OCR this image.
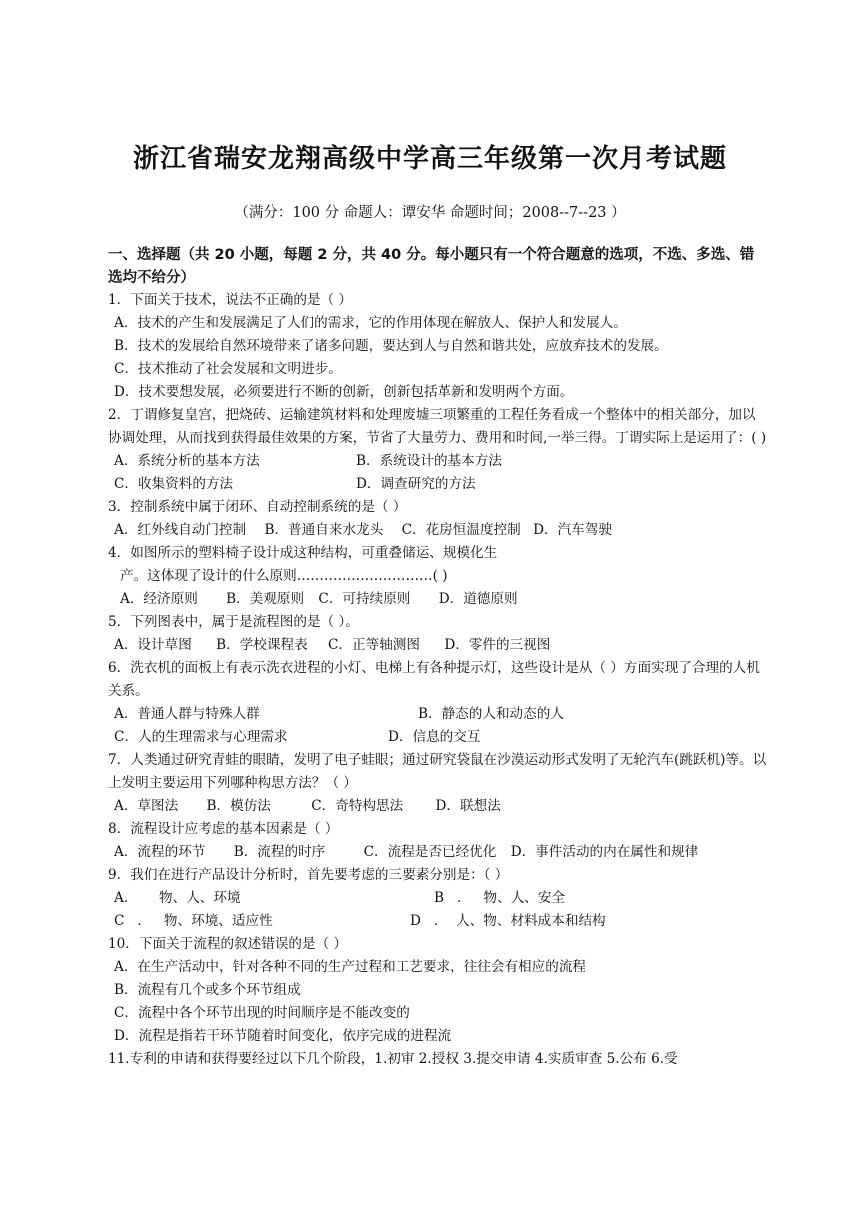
浙江省瑞安龙翔高级中学高三年级第一次月考试题
（满分：100 分 命题人：谭安华 命题时间；2008--7--23 ）
一、选择题（共 20 小题，每题 2 分，共 40 分。每小题只有一个符合题意的选项，不选、多选、错选均不给分）
1．下面关于技术，说法不正确的是（ ）
A．技术的产生和发展满足了人们的需求，它的作用体现在解放人、保护人和发展人。
B．技术的发展给自然环境带来了诸多问题，要达到人与自然和谐共处，应放弃技术的发展。
C．技术推动了社会发展和文明进步。
D．技术要想发展，必须要进行不断的创新，创新包括革新和发明两个方面。
2．丁谓修复皇宫，把烧砖、运输建筑材料和处理废墟三项繁重的工程任务看成一个整体中的相关部分，加以协调处理，从而找到获得最佳效果的方案，节省了大量劳力、费用和时间,一举三得。丁谓实际上是运用了：( )
A．系统分析的基本方法	B．系统设计的基本方法
C．收集资料的方法	D．调查研究的方法
3．控制系统中属于闭环、自动控制系统的是（ ）
A．红外线自动门控制 B．普通自来水龙头 C．花房恒温度控制 D．汽车驾驶
4．如图所示的塑料椅子设计成这种结构，可重叠储运、规模化生
产。这体现了设计的什么原则…………………………( )
A．经济原则 B．美观原则 C．可持续原则 D．道德原则
5．下列图表中，属于是流程图的是（ ）。
A．设计草图 B．学校课程表 C．正等轴测图 D．零件的三视图
6．洗衣机的面板上有表示洗衣进程的小灯、电梯上有各种提示灯，这些设计是从（ ）方面实现了合理的人机关系。
A．普通人群与特殊人群	B．静态的人和动态的人
C．人的生理需求与心理需求	D．信息的交互
7．人类通过研究青蛙的眼睛，发明了电子蛙眼；通过研究袋鼠在沙漠运动形式发明了无轮汽车(跳跃机)等。以上发明主要运用下列哪种构思方法？（ ）
A．草图法 B．模仿法	C．奇特构思法 D．联想法
8．流程设计应考虑的基本因素是（ ）
A．流程的环节 B．流程的时序	C．流程是否已经优化 D．事件活动的内在属性和规律
9．我们在进行产品设计分析时，首先要考虑的三要素分别是：（ ）
A．     物、人、环境	B   ．   物、人、安全
C   ．   物、环境、适应性	D   ．  人、物、材料成本和结构
10．下面关于流程的叙述错误的是（ ）
A．在生产活动中，针对各种不同的生产过程和工艺要求，往往会有相应的流程
B．流程有几个或多个环节组成
C．流程中各个环节出现的时间顺序是不能改变的
D．流程是指若干环节随着时间变化，依序完成的进程流
11.专利的申请和获得要经过以下几个阶段，1.初审 2.授权 3.提交申请 4.实质审查 5.公布 6.受
